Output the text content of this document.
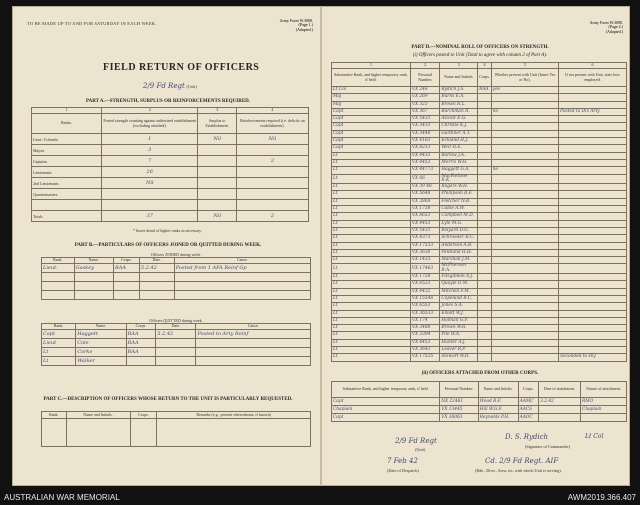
TO BE MADE UP TO AND FOR SATURDAY IN EACH WEEK.
Army Form W.3008.
(Page 1.)
(Adapted.)
FIELD RETURN OF OFFICERS
2/9 Fd Regt (Unit)
PART A.—STRENGTH, SURPLUS OR REINFORCEMENTS REQUIRED.
1	2	3	4
Ranks.	Posted strength counting against authorized establishment (excluding attached).	Surplus to Establishment.	Reinforcements required (i.e. deficits on establishment).
Lieut.-Colonels	1	Nil	Nil
Majors	3		
Captains	7		2
Lieutenants	26		
2nd Lieutenants	Nil		
Quartermasters			

Totals	37	Nil	2
* Insert detail of higher ranks as necessary.
PART B.—PARTICULARS OF OFFICERS JOINED OR QUITTED DURING WEEK.
Officers JOINED during week.				
Rank.	Name.	Corps.	Date.	Cause.
Lieut.	Gaskey	RAA	5.2.42	Posted from 1 AFA Reinf Gp

Officers QUITTED during week.				
Rank.	Name.	Corps.	Date.	Cause.
Capt	Haggett	RAA	5.2.42	Posted to Arty Reinf
Lieut	Cole	RAA		
Lt	Corke	RAA		
Lt	Walker			
PART C.—DESCRIPTION OF OFFICERS WHOSE RETURN TO THE UNIT IS PARTICULARLY REQUESTED.
Rank.	Name and Initials.	Corps.	Remarks (e.g., present whereabouts, if known)

Army Form W.3008.
(Page 2.)
(Adapted.)
PART D.—NOMINAL ROLL OF OFFICERS ON STRENGTH.
(i) Officers posted to Unit (Total to agree with column 2 of Part A).
1	2	3	4	5	6
Substantive Rank, and higher temporary rank, if held.	Personal Number.	Name and Initials.	Corps.	Whether present with Unit (Insert Yes or No).	If not present with Unit, state how employed.
Lt Col	VX 248	Rydich J.S.	RAA	yes	
Maj	VX 269	Burns E.A.			
Maj	VX 323	Brown R.L.			
Capt	VX 367	Burckman R.		no	Posted to Div Arty
Capt	VX 5433	Alcock E.G.			
Capt	VX 3433	Christie K.J.			
Capt	VX 3448	Gardiner A.T.			
Capt	VX 4183	Eckland H.J.			
Capt	VX 8213	Weir R.E.			
Lt	VX 4433	Barlow J.A.			
Lt	VX 4453	Morris W.H.			
Lt	VX 44773	Haggett G.A.		no	
Lt	VX 66	MacFarlane R.K.			
Lt	VX 39 48	Rogers W.H.			
Lt	VX 5648	Phillipson R.F.			
Lt	VX 3868	Fletcher N.B.			
Lt	VX 1738	Cable A.W.			
Lt	VX 8653	Campbell M.D.			
Lt	VX 4453	Lyle M.G.			
Lt	VX 5433	Bolyard D.G.			
Lt	VX 4373	Schroeder R.C.			
Lt	VX 17533	Anderson A.B.			
Lt	VX 3636	Pentland H.H.			
Lt	VX 1433	Marshall J.M.			
Lt	VX 17463	McPherson R.A.			
Lt	VX 1728	Fitzgibbon A.J.			
Lt	VX 6523	Quayle D.M.			
Lt	VX 4432	Mitchell F.M.			
Lt	VX 15548	Copeland R.C.			
Lt	VX 6553	Jones S.A.			
Lt	VX 36533	Elliott W.J.			
Lt	VX 174	Holman G.P.			
Lt	VX 3488	Brown W.R.			
Lt	VX 3394	Pile W.A.			
Lt	VX 4453	Hunter A.J.			
Lt	VX 3643	Leaver R.P.			
Lt	VX 17535	Stewart W.R.			Seconded to HQ
(ii) OFFICERS ATTACHED FROM OTHER CORPS.
Substantive Rank, and higher temporary rank, if held.	Personal Number.	Name and Initials.	Corps.	Date of attachment.	Nature of attachment.
Capt	NX 22461	Wood R.F.	AAMC	3.2.42	RMO
Chaplain	VX 13445	Hill W.G.F.	AACS		Chaplain
Capt	VX 38063	Reynolds P.H.	AAOC		
D. S. Rydich
(Signature of Commander)
2/9 Fd Regt
Lt Col
(Unit)
7 Feb 42
(Date of Despatch)
Cd. 2/9 Fd Regt. AIF
(Bde., Divn., Area, etc. with which Unit is serving).
AUSTRALIAN WAR MEMORIAL	AWM2019.366.407
